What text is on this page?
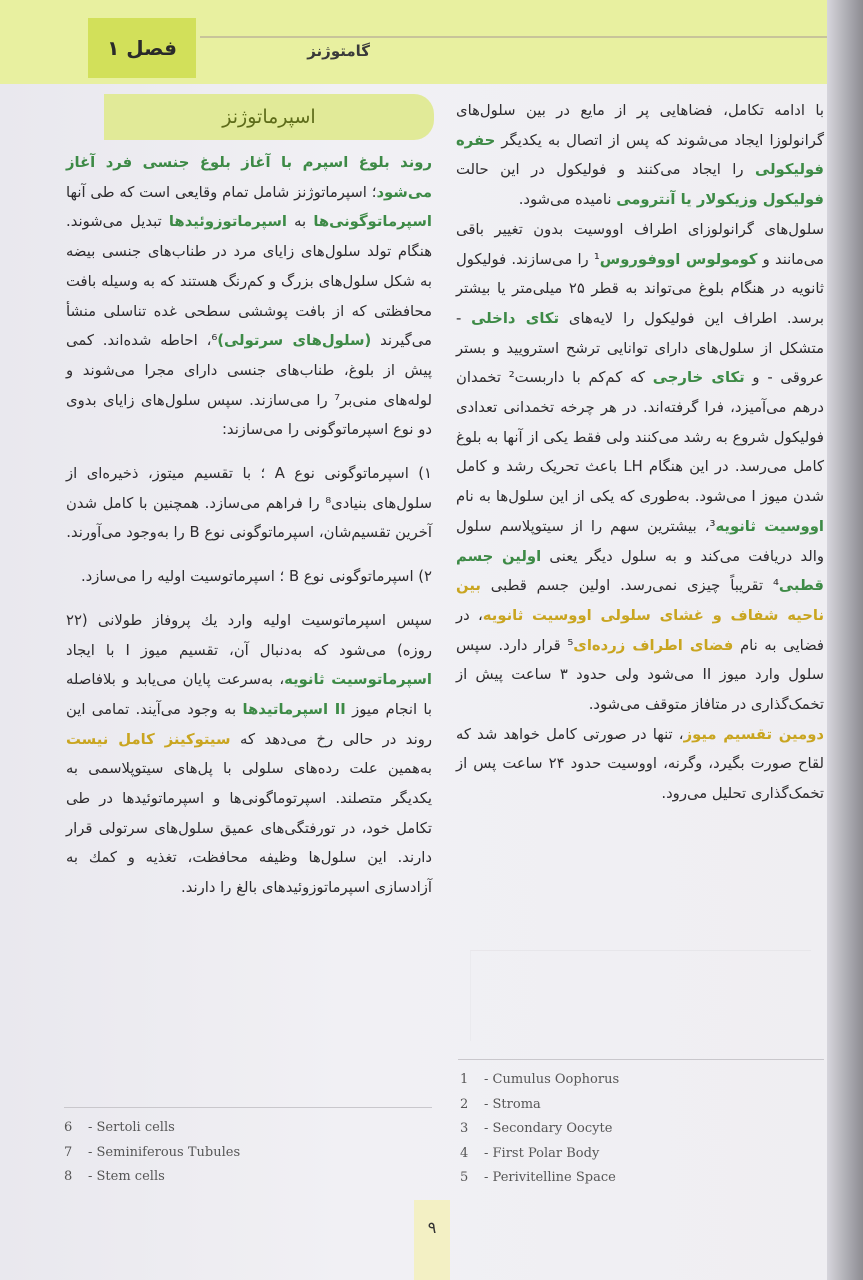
فصل ۱	گامتوژنز
اسپرماتوژنز	با ادامه تکامل، فضاهایی پر از مایع در بین سلول‌های گرانولوزا ایجاد می‌شوند که پس از اتصال به یکدیگر حفره فولیکولی را ایجاد می‌کنند و فولیکول در این حالت فولیکول وزیکولار یا آنترومی نامیده می‌شود.

سلول‌های گرانولوزای اطراف اووسیت بدون تغییر باقی می‌مانند و کومولوس اووفوروس¹ را می‌سازند. فولیکول ثانویه در هنگام بلوغ می‌تواند به قطر ۲۵ میلی‌متر یا بیشتر برسد. اطراف این فولیکول را لایه‌های تکای داخلی - متشکل از سلول‌های دارای توانایی ترشح استرویید و بستر عروقی - و تکای خارجی که کم‌کم با داربست² تخمدان درهم می‌آمیزد، فرا گرفته‌اند. در هر چرخه تخمدانی تعدادی فولیکول شروع به رشد می‌کنند ولی فقط یکی از آنها به بلوغ کامل می‌رسد. در این هنگام LH باعث تحریک رشد و کامل شدن میوز I می‌شود. به‌طوری که یکی از این سلول‌ها به نام اووسیت ثانویه³، بیشترین سهم را از سیتوپلاسم سلول والد دریافت می‌کند و به سلول دیگر یعنی اولین جسم قطبی⁴ تقریباً چیزی نمی‌رسد. اولین جسم قطبی بین ناحیه شفاف و غشای سلولی اووسیت ثانویه، در فضایی به نام فضای اطراف زرده‌ای⁵ قرار دارد. سپس سلول وارد میوز II می‌شود ولی حدود ۳ ساعت پیش از تخمک‌گذاری در متافاز متوقف می‌شود.

دومین تقسیم میوز، تنها در صورتی کامل خواهد شد که لقاح صورت بگیرد، وگرنه، اووسیت حدود ۲۴ ساعت پس از تخمک‌گذاری تحلیل می‌رود.

روند بلوغ اسپرم با آغاز بلوغ جنسی فرد آغاز می‌شود؛ اسپرماتوژنز شامل تمام وقایعی است که طی آنها اسپرماتوگونی‌ها به اسپرماتوزوئیدها تبدیل می‌شوند. هنگام تولد سلول‌های زایای مرد در طناب‌های جنسی بیضه به شکل سلول‌های بزرگ و کم‌رنگ هستند که به وسیله بافت محافظتی که از بافت پوششی سطحی غده تناسلی منشأ می‌گیرند (سلول‌های سرتولی)⁶، احاطه شده‌اند. کمی پیش از بلوغ، طناب‌های جنسی دارای مجرا می‌شوند و لوله‌های منی‌بر⁷ را می‌سازند. سپس سلول‌های زایای بدوی دو نوع اسپرماتوگونی را می‌سازند:

۱) اسپرماتوگونی نوع A ؛ با تقسیم میتوز، ذخیره‌ای از سلول‌های بنیادی⁸ را فراهم می‌سازد. همچنین با کامل شدن آخرین تقسیم‌شان، اسپرماتوگونی نوع B را به‌وجود می‌آورند.

۲) اسپرماتوگونی نوع B ؛ اسپرماتوسیت اولیه را می‌سازد.

سپس اسپرماتوسیت اولیه وارد یك پروفاز طولانی (۲۲ روزه) می‌شود که به‌دنبال آن، تقسیم میوز I با ایجاد اسپرماتوسیت ثانویه، به‌سرعت پایان می‌یابد و بلافاصله با انجام میوز II اسپرماتیدها به وجود می‌آیند. تمامی این روند در حالی رخ می‌دهد که سیتوکینز کامل نیست به‌همین علت رده‌های سلولی با پل‌های سیتوپلاسمی به یکدیگر متصلند. اسپرتوماگونی‌ها و اسپرماتوئیدها در طی تکامل خود، در تورفتگی‌های عمیق سلول‌های سرتولی قرار دارند. این سلول‌ها وظیفه محافظت، تغذیه و کمك به آزادسازی اسپرماتوزوئیدهای بالغ را دارند.

1 - Cumulus Oophorus
2 - Stroma
3 - Secondary Oocyte
4 - First Polar Body
5 - Perivitelline Space
6 - Sertoli cells
7 - Seminiferous Tubules
8 - Stem cells
۹
